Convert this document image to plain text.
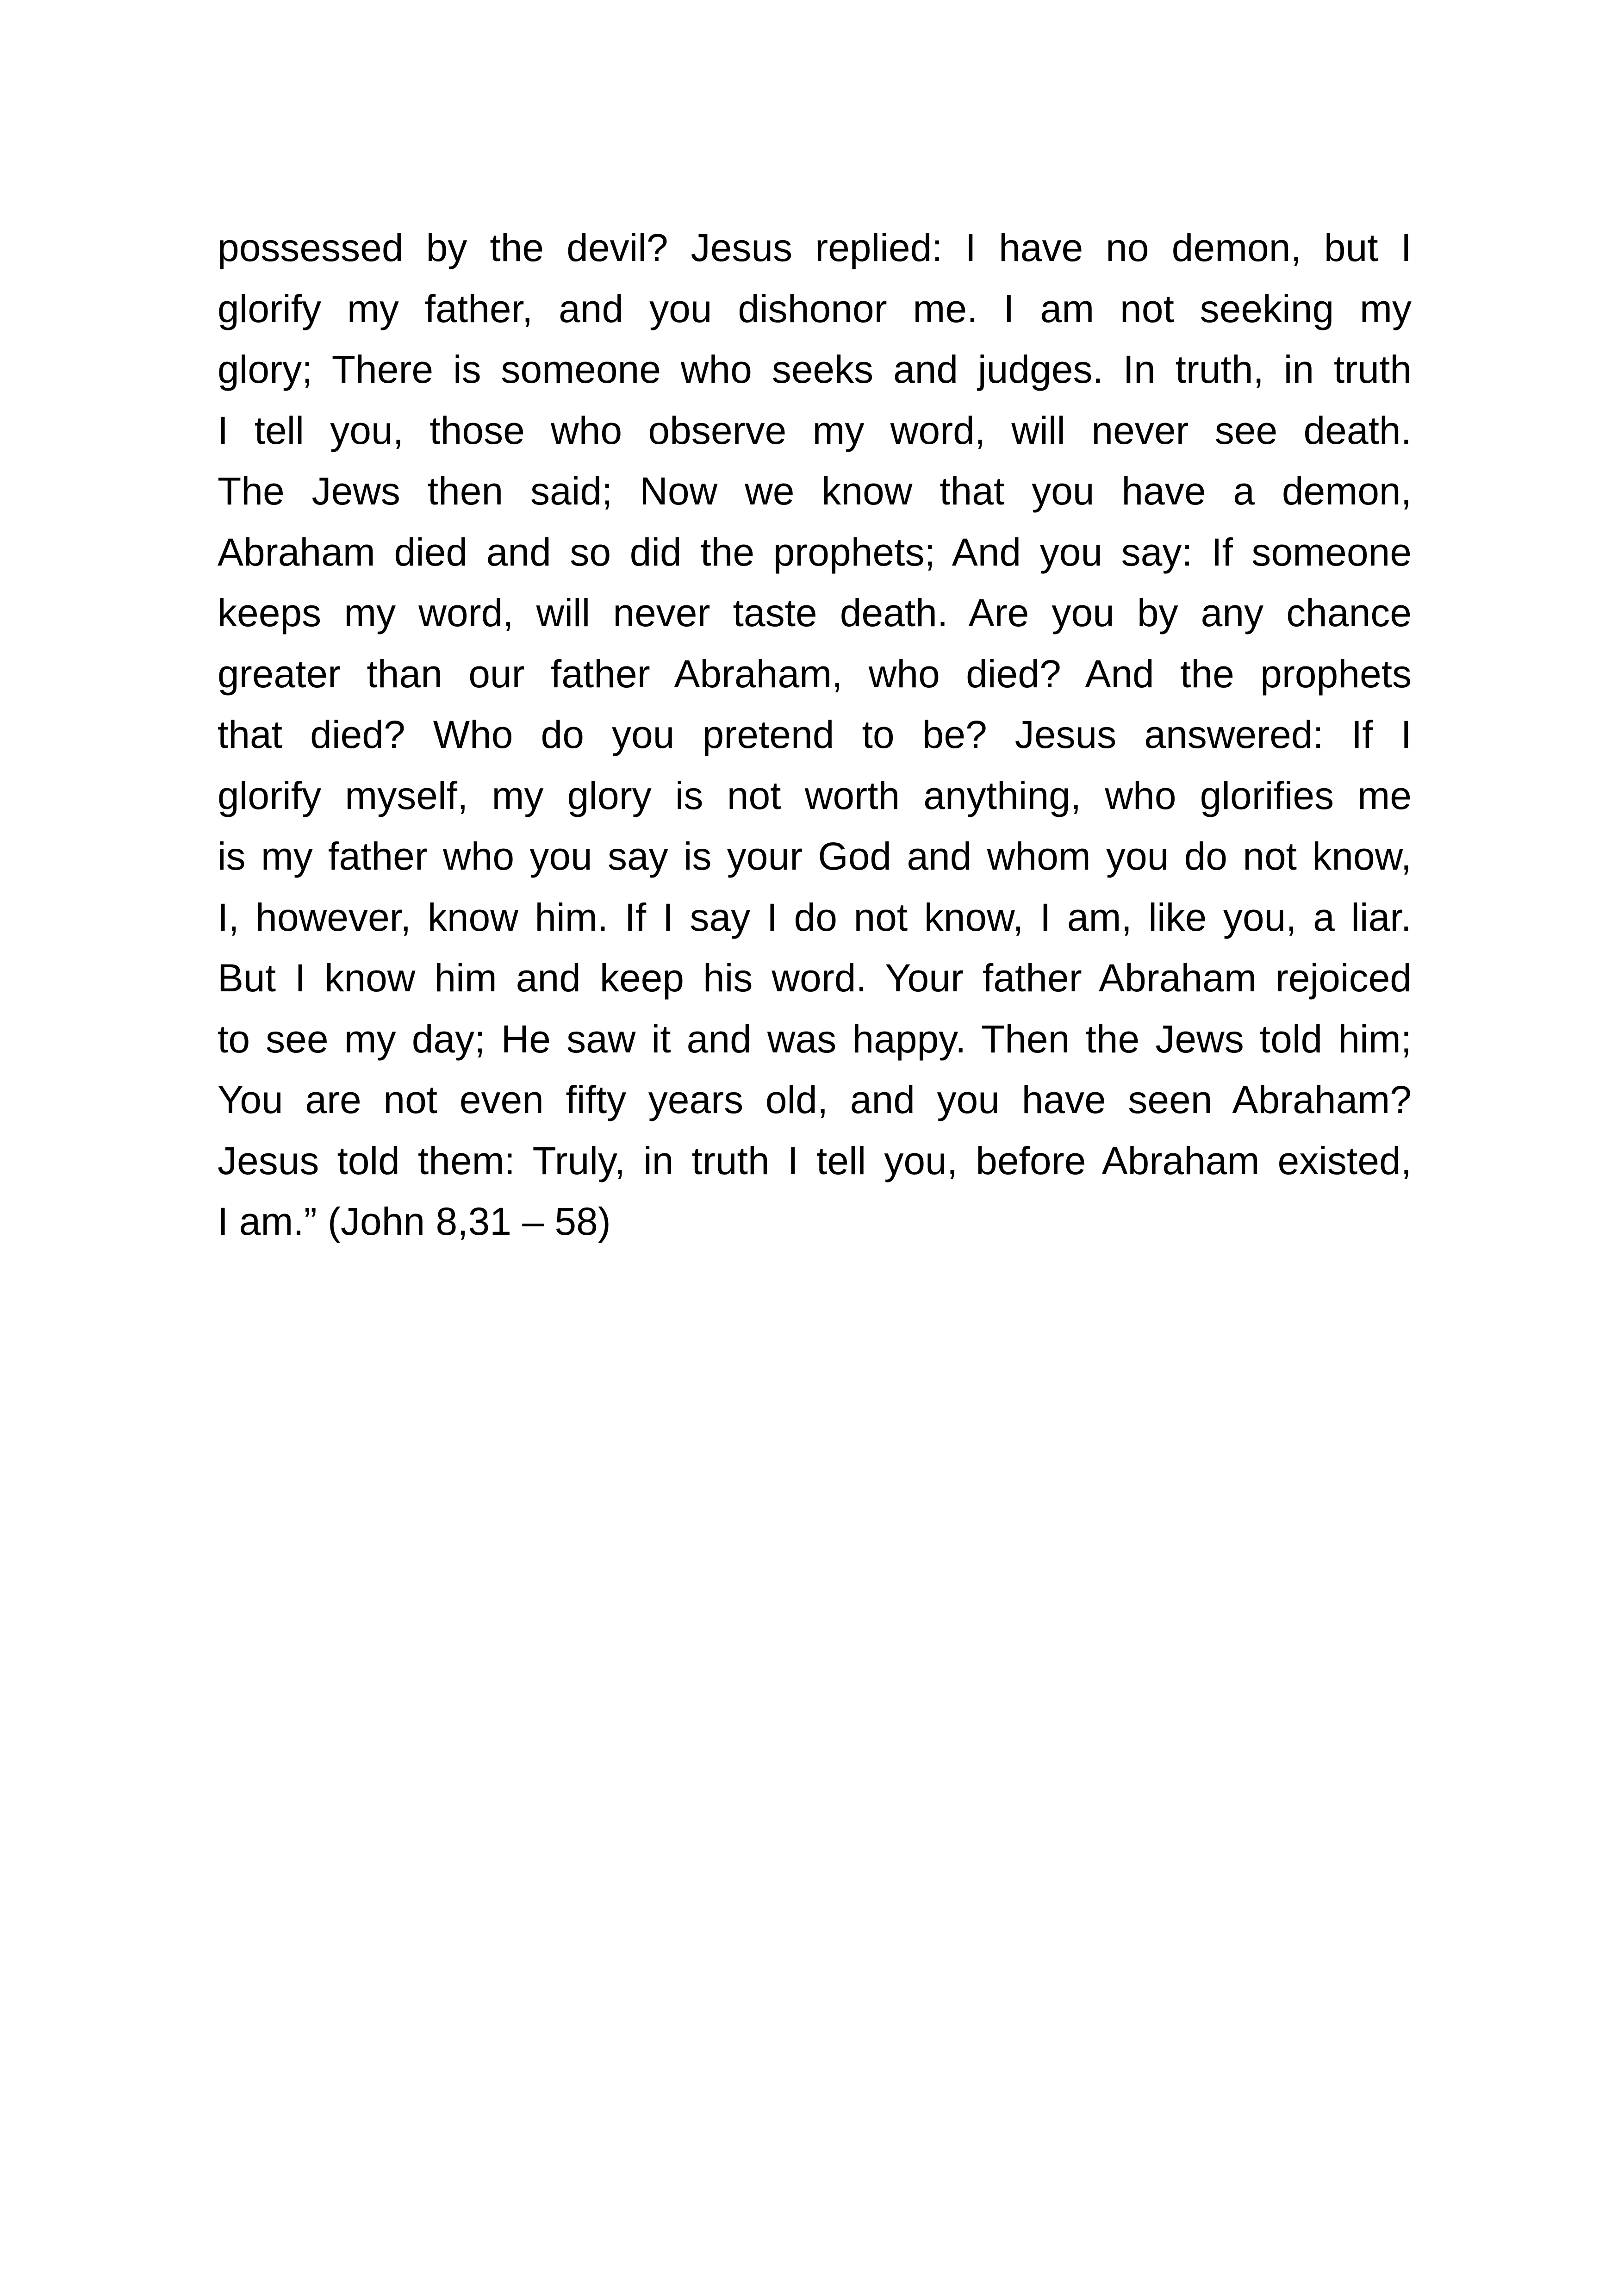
possessed by the devil? Jesus replied: I have no demon, but I
glorify my father, and you dishonor me. I am not seeking my
glory; There is someone who seeks and judges. In truth, in truth
I tell you, those who observe my word, will never see death.
The Jews then said; Now we know that you have a demon,
Abraham died and so did the prophets; And you say: If someone
keeps my word, will never taste death. Are you by any chance
greater than our father Abraham, who died? And the prophets
that died? Who do you pretend to be? Jesus answered: If I
glorify myself, my glory is not worth anything, who glorifies me
is my father who you say is your God and whom you do not know,
I, however, know him. If I say I do not know, I am, like you, a liar.
But I know him and keep his word. Your father Abraham rejoiced
to see my day; He saw it and was happy. Then the Jews told him;
You are not even fifty years old, and you have seen Abraham?
Jesus told them: Truly, in truth I tell you, before Abraham existed,
I am.” (John 8,31 – 58)
